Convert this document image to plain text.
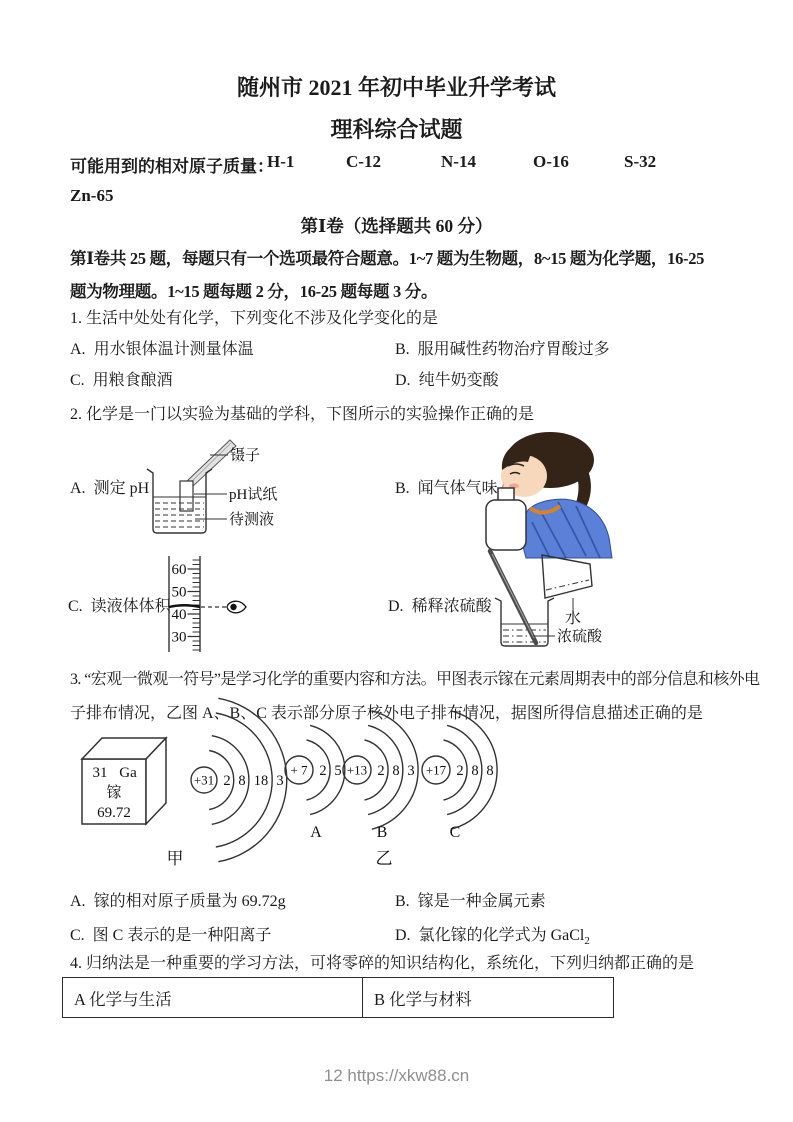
随州市 2021 年初中毕业升学考试
理科综合试题
可能用到的相对原子质量：
H-1	C-12	N-14	O-16	S-32
Zn-65
第Ⅰ卷（选择题共 60 分）
第Ⅰ卷共 25 题，每题只有一个选项最符合题意。1~7 题为生物题，8~15 题为化学题，16-25
题为物理题。1~15 题每题 2 分，16-25 题每题 3 分。
1. 生活中处处有化学，下列变化不涉及化学变化的是
A. 用水银体温计测量体温	B. 服用碱性药物治疗胃酸过多
C. 用粮食酿酒	D. 纯牛奶变酸
2. 化学是一门以实验为基础的学科，下图所示的实验操作正确的是
A. 测定 pH	B. 闻气体气味
C. 读液体体积	D. 稀释浓硫酸
镊子
pH试纸
待测液
60
50
40
30
水
浓硫酸
3. “宏观一微观一符号”是学习化学的重要内容和方法。甲图表示镓在元素周期表中的部分信息和核外电
子排布情况，乙图 A、B、C 表示部分原子核外电子排布情况，据图所得信息描述正确的是
31 Ga
镓
69.72
甲	乙
+31 2 8 18 3
+ 7 2 5
A
+13 2 8 3
B
+17 2 8 8
C
A. 镓的相对原子质量为 69.72g	B. 镓是一种金属元素
C. 图 C 表示的是一种阳离子	D. 氯化镓的化学式为 GaCl$_2$
4. 归纳法是一种重要的学习方法，可将零碎的知识结构化，系统化，下列归纳都正确的是
A 化学与生活	B 化学与材料
12 https://xkw88.cn
